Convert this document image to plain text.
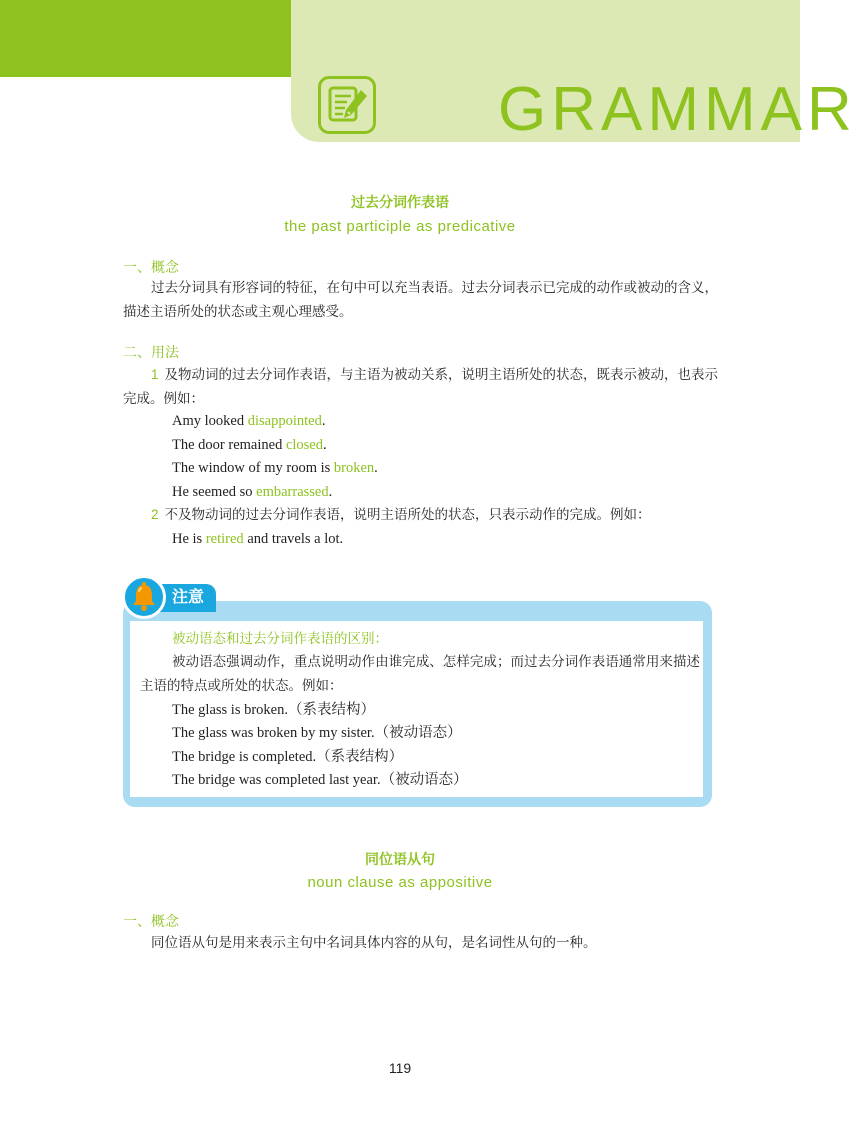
GRAMMAR
过去分词作表语
the past participle as predicative
一、概念
过去分词具有形容词的特征，在句中可以充当表语。过去分词表示已完成的动作或被动的含义，描述主语所处的状态或主观心理感受。
二、用法
1 及物动词的过去分词作表语，与主语为被动关系，说明主语所处的状态，既表示被动，也表示完成。例如：
Amy looked disappointed.
The door remained closed.
The window of my room is broken.
He seemed so embarrassed.
2 不及物动词的过去分词作表语，说明主语所处的状态，只表示动作的完成。例如：
He is retired and travels a lot.
注意
被动语态和过去分词作表语的区别：
被动语态强调动作，重点说明动作由谁完成、怎样完成；而过去分词作表语通常用来描述主语的特点或所处的状态。例如：
The glass is broken.（系表结构）
The glass was broken by my sister.（被动语态）
The bridge is completed.（系表结构）
The bridge was completed last year.（被动语态）
同位语从句
noun clause as appositive
一、概念
同位语从句是用来表示主句中名词具体内容的从句，是名词性从句的一种。
119
